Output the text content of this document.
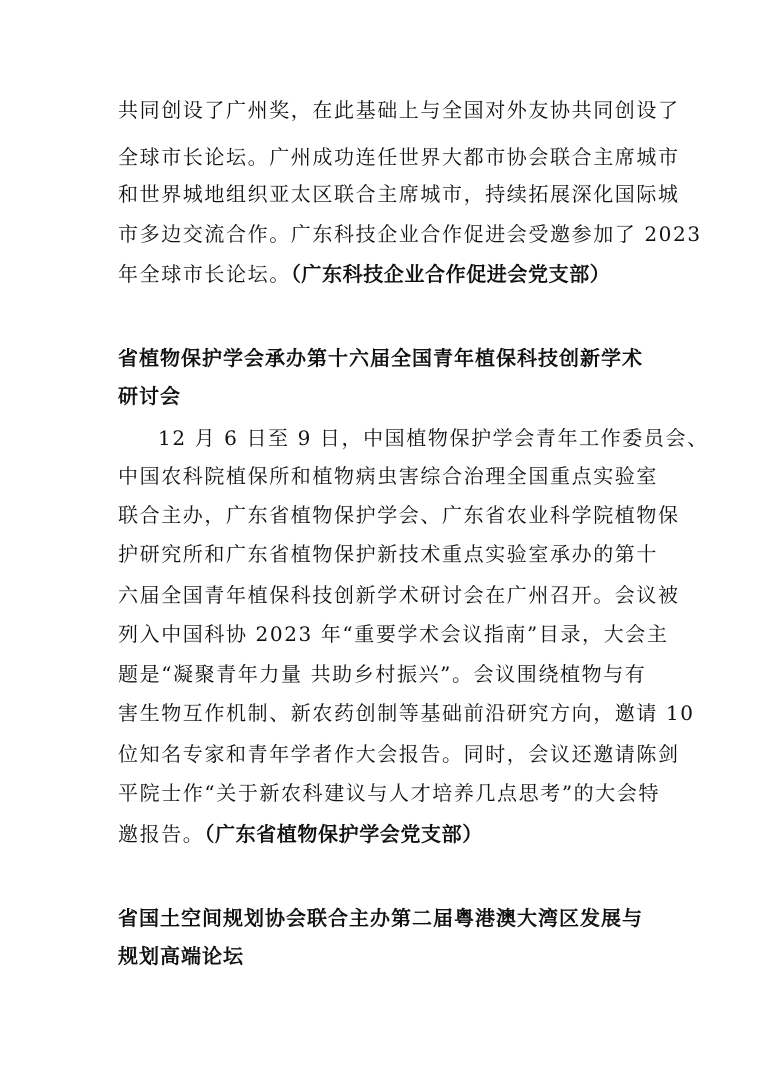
共同创设了广州奖，在此基础上与全国对外友协共同创设了
全球市长论坛。广州成功连任世界大都市协会联合主席城市
和世界城地组织亚太区联合主席城市，持续拓展深化国际城
市多边交流合作。广东科技企业合作促进会受邀参加了 2023
年全球市长论坛。（广东科技企业合作促进会党支部）
省植物保护学会承办第十六届全国青年植保科技创新学术
研讨会
12 月 6 日至 9 日，中国植物保护学会青年工作委员会、
中国农科院植保所和植物病虫害综合治理全国重点实验室
联合主办，广东省植物保护学会、广东省农业科学院植物保
护研究所和广东省植物保护新技术重点实验室承办的第十
六届全国青年植保科技创新学术研讨会在广州召开。会议被
列入中国科协 2023 年“重要学术会议指南”目录，大会主
题是“凝聚青年力量 共助乡村振兴”。会议围绕植物与有
害生物互作机制、新农药创制等基础前沿研究方向，邀请 10
位知名专家和青年学者作大会报告。同时，会议还邀请陈剑
平院士作“关于新农科建议与人才培养几点思考”的大会特
邀报告。（广东省植物保护学会党支部）
省国土空间规划协会联合主办第二届粤港澳大湾区发展与
规划高端论坛
